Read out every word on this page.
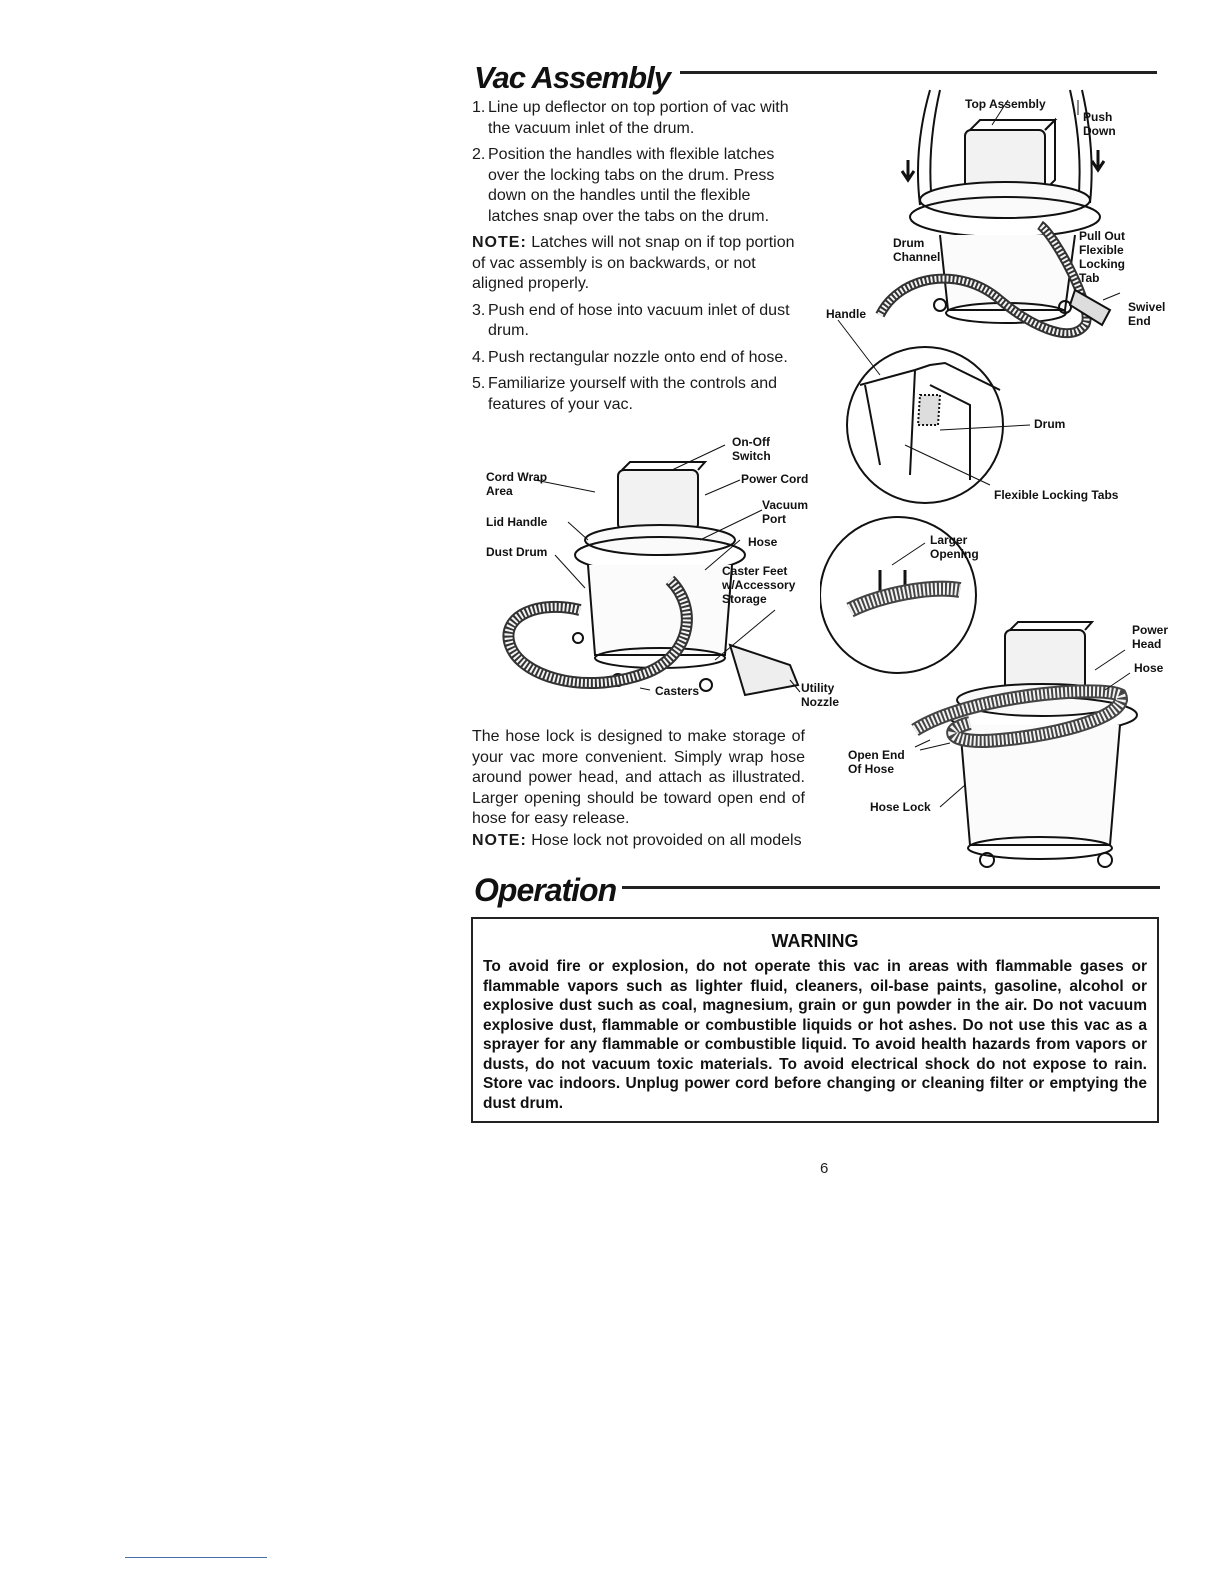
Vac Assembly
1. Line up deflector on top portion of vac with the vacuum inlet of the drum.
2. Position the handles with flexible latches over the locking tabs on the drum. Press down on the handles until the flexible latches snap over the tabs on the drum.
NOTE: Latches will not snap on if top portion of vac assembly is on backwards, or not aligned properly.
3. Push end of hose into vacuum inlet of dust drum.
4. Push rectangular nozzle onto end of hose.
5. Familiarize yourself with the controls and features of your vac.
Top Assembly
Push Down
Drum Channel
Pull Out Flexible Locking Tab
Handle	Swivel End
Drum
Flexible Locking Tabs
On-Off Switch
Power Cord
Cord Wrap Area
Vacuum Port
Lid Handle
Hose
Dust Drum
Caster Feet w/Accessory Storage
Casters	Utility Nozzle
Larger Opening
Power Head
Hose
Open End Of Hose
Hose Lock
The hose lock is designed to make storage of your vac more convenient. Simply wrap hose around power head, and attach as illustrated. Larger opening should be toward open end of hose for easy release.
NOTE: Hose lock not provoided on all models
Operation
WARNING
To avoid fire or explosion, do not operate this vac in areas with flammable gases or flammable vapors such as lighter fluid, cleaners, oil-base paints, gasoline, alcohol or explosive dust such as coal, magnesium, grain or gun powder in the air. Do not vacuum explosive dust, flammable or combustible liquids or hot ashes. Do not use this vac as a sprayer for any flammable or combustible liquid. To avoid health hazards from vapors or dusts, do not vacuum toxic materials. To avoid electrical shock do not expose to rain. Store vac indoors. Unplug power cord before changing or cleaning filter or emptying the dust drum.
6
